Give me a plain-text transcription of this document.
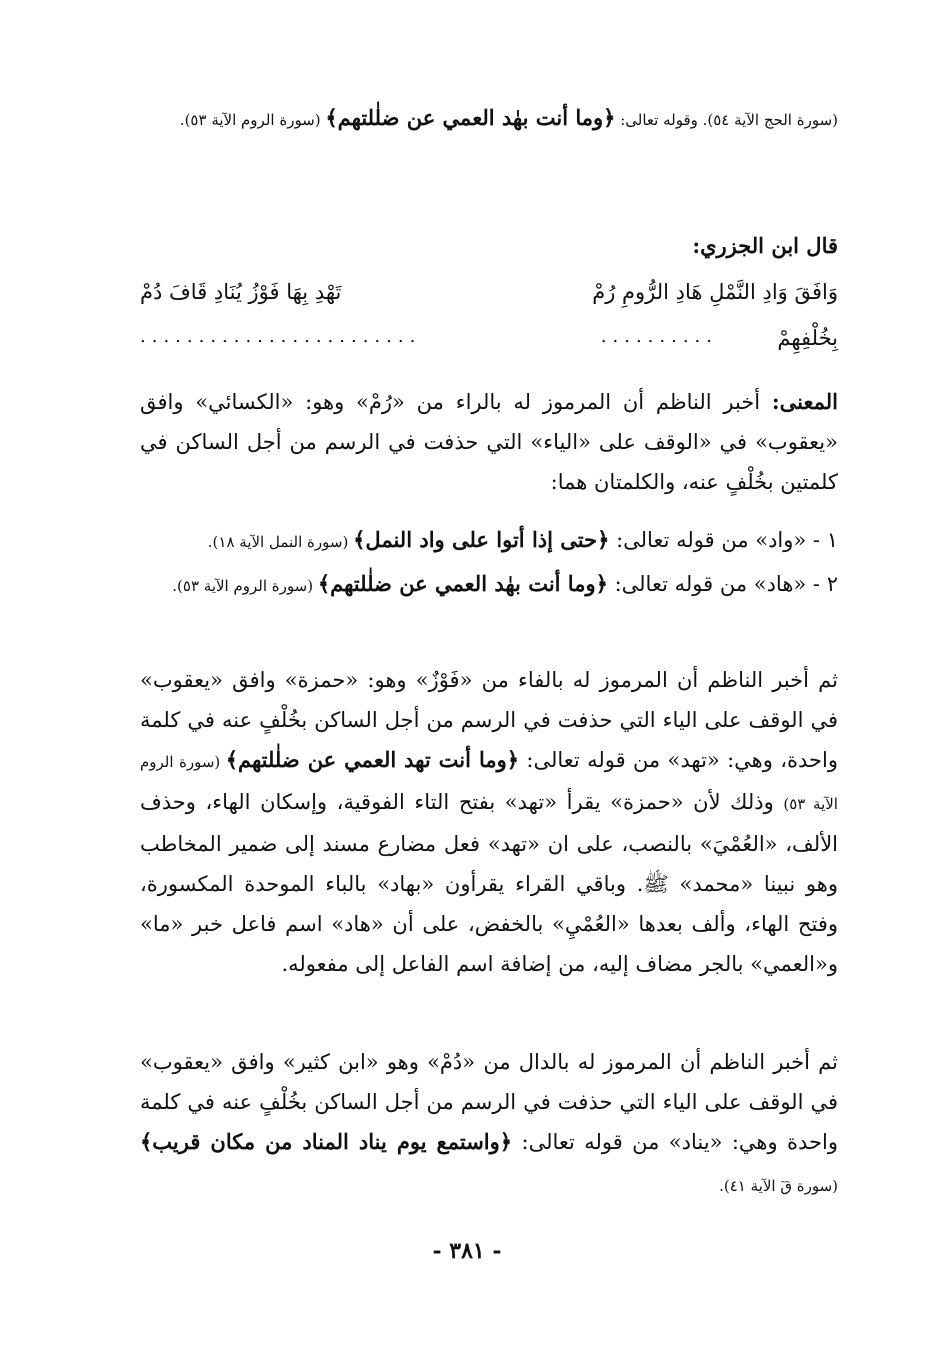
(سورة الحج الآية ٥٤). وقوله تعالى: ﴿وما أنت بهٰد العمي عن ضلٰلتهم﴾ (سورة الروم الآية ٥٣).
قال ابن الجزري:
وَافَقَ وَادِ النَّمْلِ هَادِ الرُّومِ رُمْ
تَهْدِ بِهَا فَوْزُ يُنَادِ قَافَ دُمْ
بِخُلْفِهِمْ
..........
........................
المعنى: أخبر الناظم أن المرموز له بالراء من «رُمْ» وهو: «الكسائي» وافق «يعقوب» في «الوقف على «الياء» التي حذفت في الرسم من أجل الساكن في كلمتين بخُلْفٍ عنه، والكلمتان هما:
١ - «واد» من قوله تعالى: ﴿حتى إذا أتوا على واد النمل﴾ (سورة النمل الآية ١٨).
٢ - «هاد» من قوله تعالى: ﴿وما أنت بهٰد العمي عن ضلٰلتهم﴾ (سورة الروم الآية ٥٣).
ثم أخبر الناظم أن المرموز له بالفاء من «فَوْزٌ» وهو: «حمزة» وافق «يعقوب» في الوقف على الياء التي حذفت في الرسم من أجل الساكن بخُلْفٍ عنه في كلمة واحدة، وهي: «تهد» من قوله تعالى: ﴿وما أنت تهد العمي عن ضلٰلتهم﴾ (سورة الروم الآية ٥٣) وذلك لأن «حمزة» يقرأ «تهد» بفتح التاء الفوقية، وإسكان الهاء، وحذف الألف، «العُمْيَ» بالنصب، على ان «تهد» فعل مضارع مسند إلى ضمير المخاطب وهو نبينا «محمد» ﷺ. وباقي القراء يقرأون «بهاد» بالباء الموحدة المكسورة، وفتح الهاء، وألف بعدها «العُمْيِ» بالخفض، على أن «هاد» اسم فاعل خبر «ما» و«العمي» بالجر مضاف إليه، من إضافة اسم الفاعل إلى مفعوله.
ثم أخبر الناظم أن المرموز له بالدال من «دُمْ» وهو «ابن كثير» وافق «يعقوب» في الوقف على الياء التي حذفت في الرسم من أجل الساكن بخُلْفٍ عنه في كلمة واحدة وهي: «يناد» من قوله تعالى: ﴿واستمع يوم يناد المناد من مكان قريب﴾ (سورة قٓ الآية ٤١).
- ٣٨١ -
